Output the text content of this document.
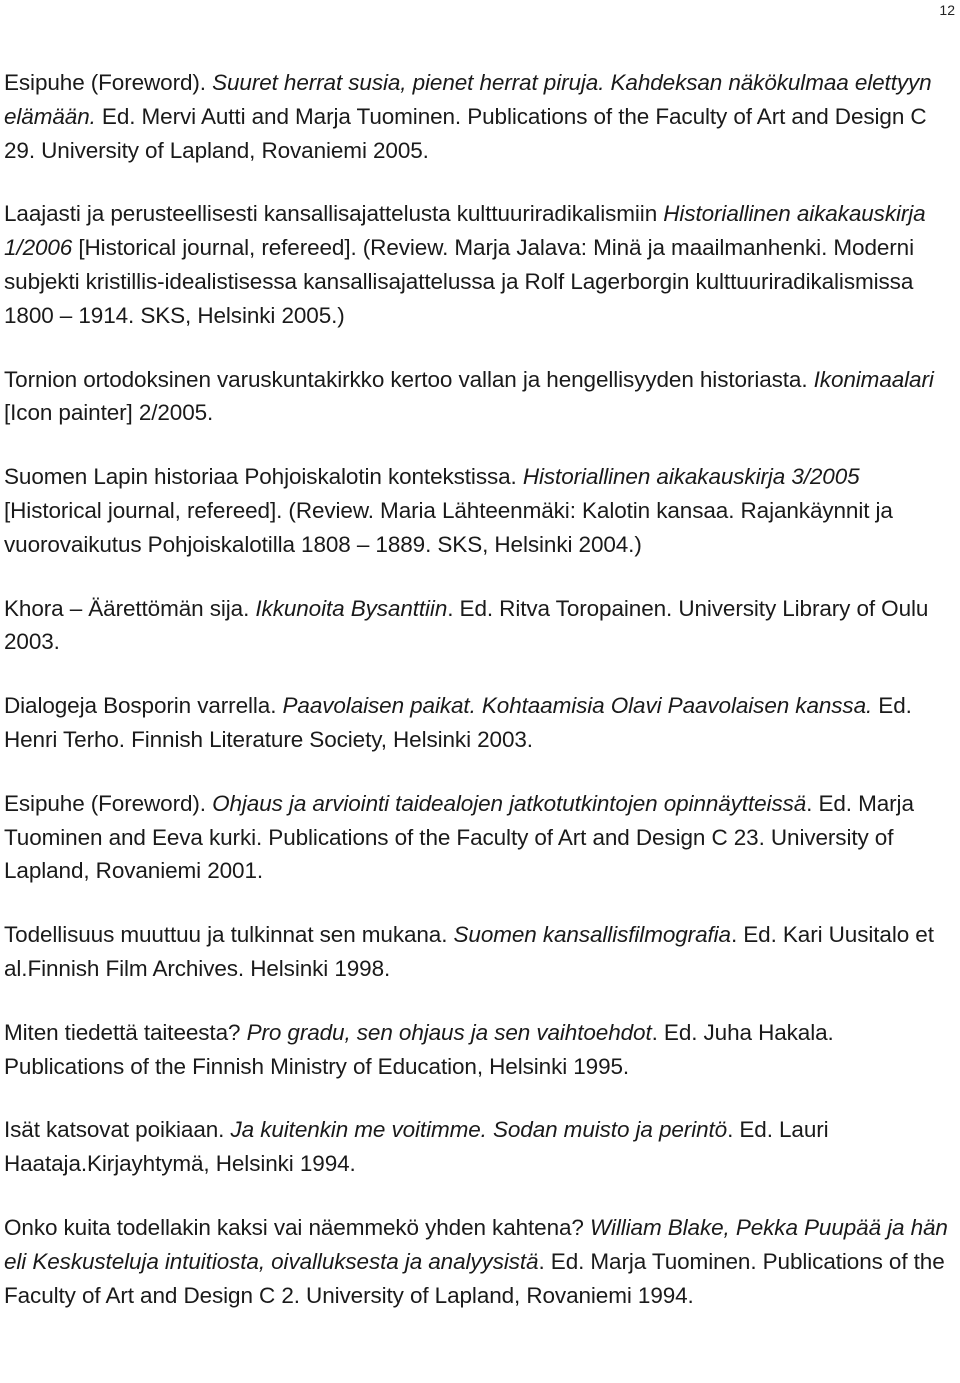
12

Esipuhe (Foreword). Suuret herrat susia, pienet herrat piruja. Kahdeksan näkökulmaa elettyyn elämään. Ed. Mervi Autti and Marja Tuominen. Publications of the Faculty of Art and Design C 29. University of Lapland, Rovaniemi 2005.

Laajasti ja perusteellisesti kansallisajattelusta kulttuuriradikalismiin Historiallinen aikakauskirja 1/2006 [Historical journal, refereed]. (Review. Marja Jalava: Minä ja maailmanhenki. Moderni subjekti kristillis-idealistisessa kansallisajattelussa ja Rolf Lagerborgin kulttuuriradikalismissa 1800 – 1914. SKS, Helsinki 2005.)

Tornion ortodoksinen varuskuntakirkko kertoo vallan ja hengellisyyden historiasta. Ikonimaalari [Icon painter] 2/2005.

Suomen Lapin historiaa Pohjoiskalotin kontekstissa. Historiallinen aikakauskirja 3/2005 [Historical journal, refereed]. (Review. Maria Lähteenmäki: Kalotin kansaa. Rajankäynnit ja vuorovaikutus Pohjoiskalotilla 1808 – 1889. SKS, Helsinki 2004.)

Khora – Äärettömän sija. Ikkunoita Bysanttiin. Ed. Ritva Toropainen. University Library of Oulu 2003.

Dialogeja Bosporin varrella. Paavolaisen paikat. Kohtaamisia Olavi Paavolaisen kanssa. Ed. Henri Terho. Finnish Literature Society, Helsinki 2003.

Esipuhe (Foreword). Ohjaus ja arviointi taidealojen jatkotutkintojen opinnäytteissä. Ed. Marja Tuominen and Eeva kurki. Publications of the Faculty of Art and Design C 23. University of Lapland, Rovaniemi 2001.

Todellisuus muuttuu ja tulkinnat sen mukana. Suomen kansallisfilmografia. Ed. Kari Uusitalo et al.Finnish Film Archives. Helsinki 1998.

Miten tiedettä taiteesta? Pro gradu, sen ohjaus ja sen vaihtoehdot. Ed. Juha Hakala. Publications of the Finnish Ministry of Education, Helsinki 1995.

Isät katsovat poikiaan. Ja kuitenkin me voitimme. Sodan muisto ja perintö. Ed. Lauri Haataja.Kirjayhtymä, Helsinki 1994.

Onko kuita todellakin kaksi vai näemmekö yhden kahtena? William Blake, Pekka Puupää ja hän eli Keskusteluja intuitiosta, oivalluksesta ja analyysistä. Ed. Marja Tuominen. Publications of the Faculty of Art and Design C 2. University of Lapland, Rovaniemi 1994.
